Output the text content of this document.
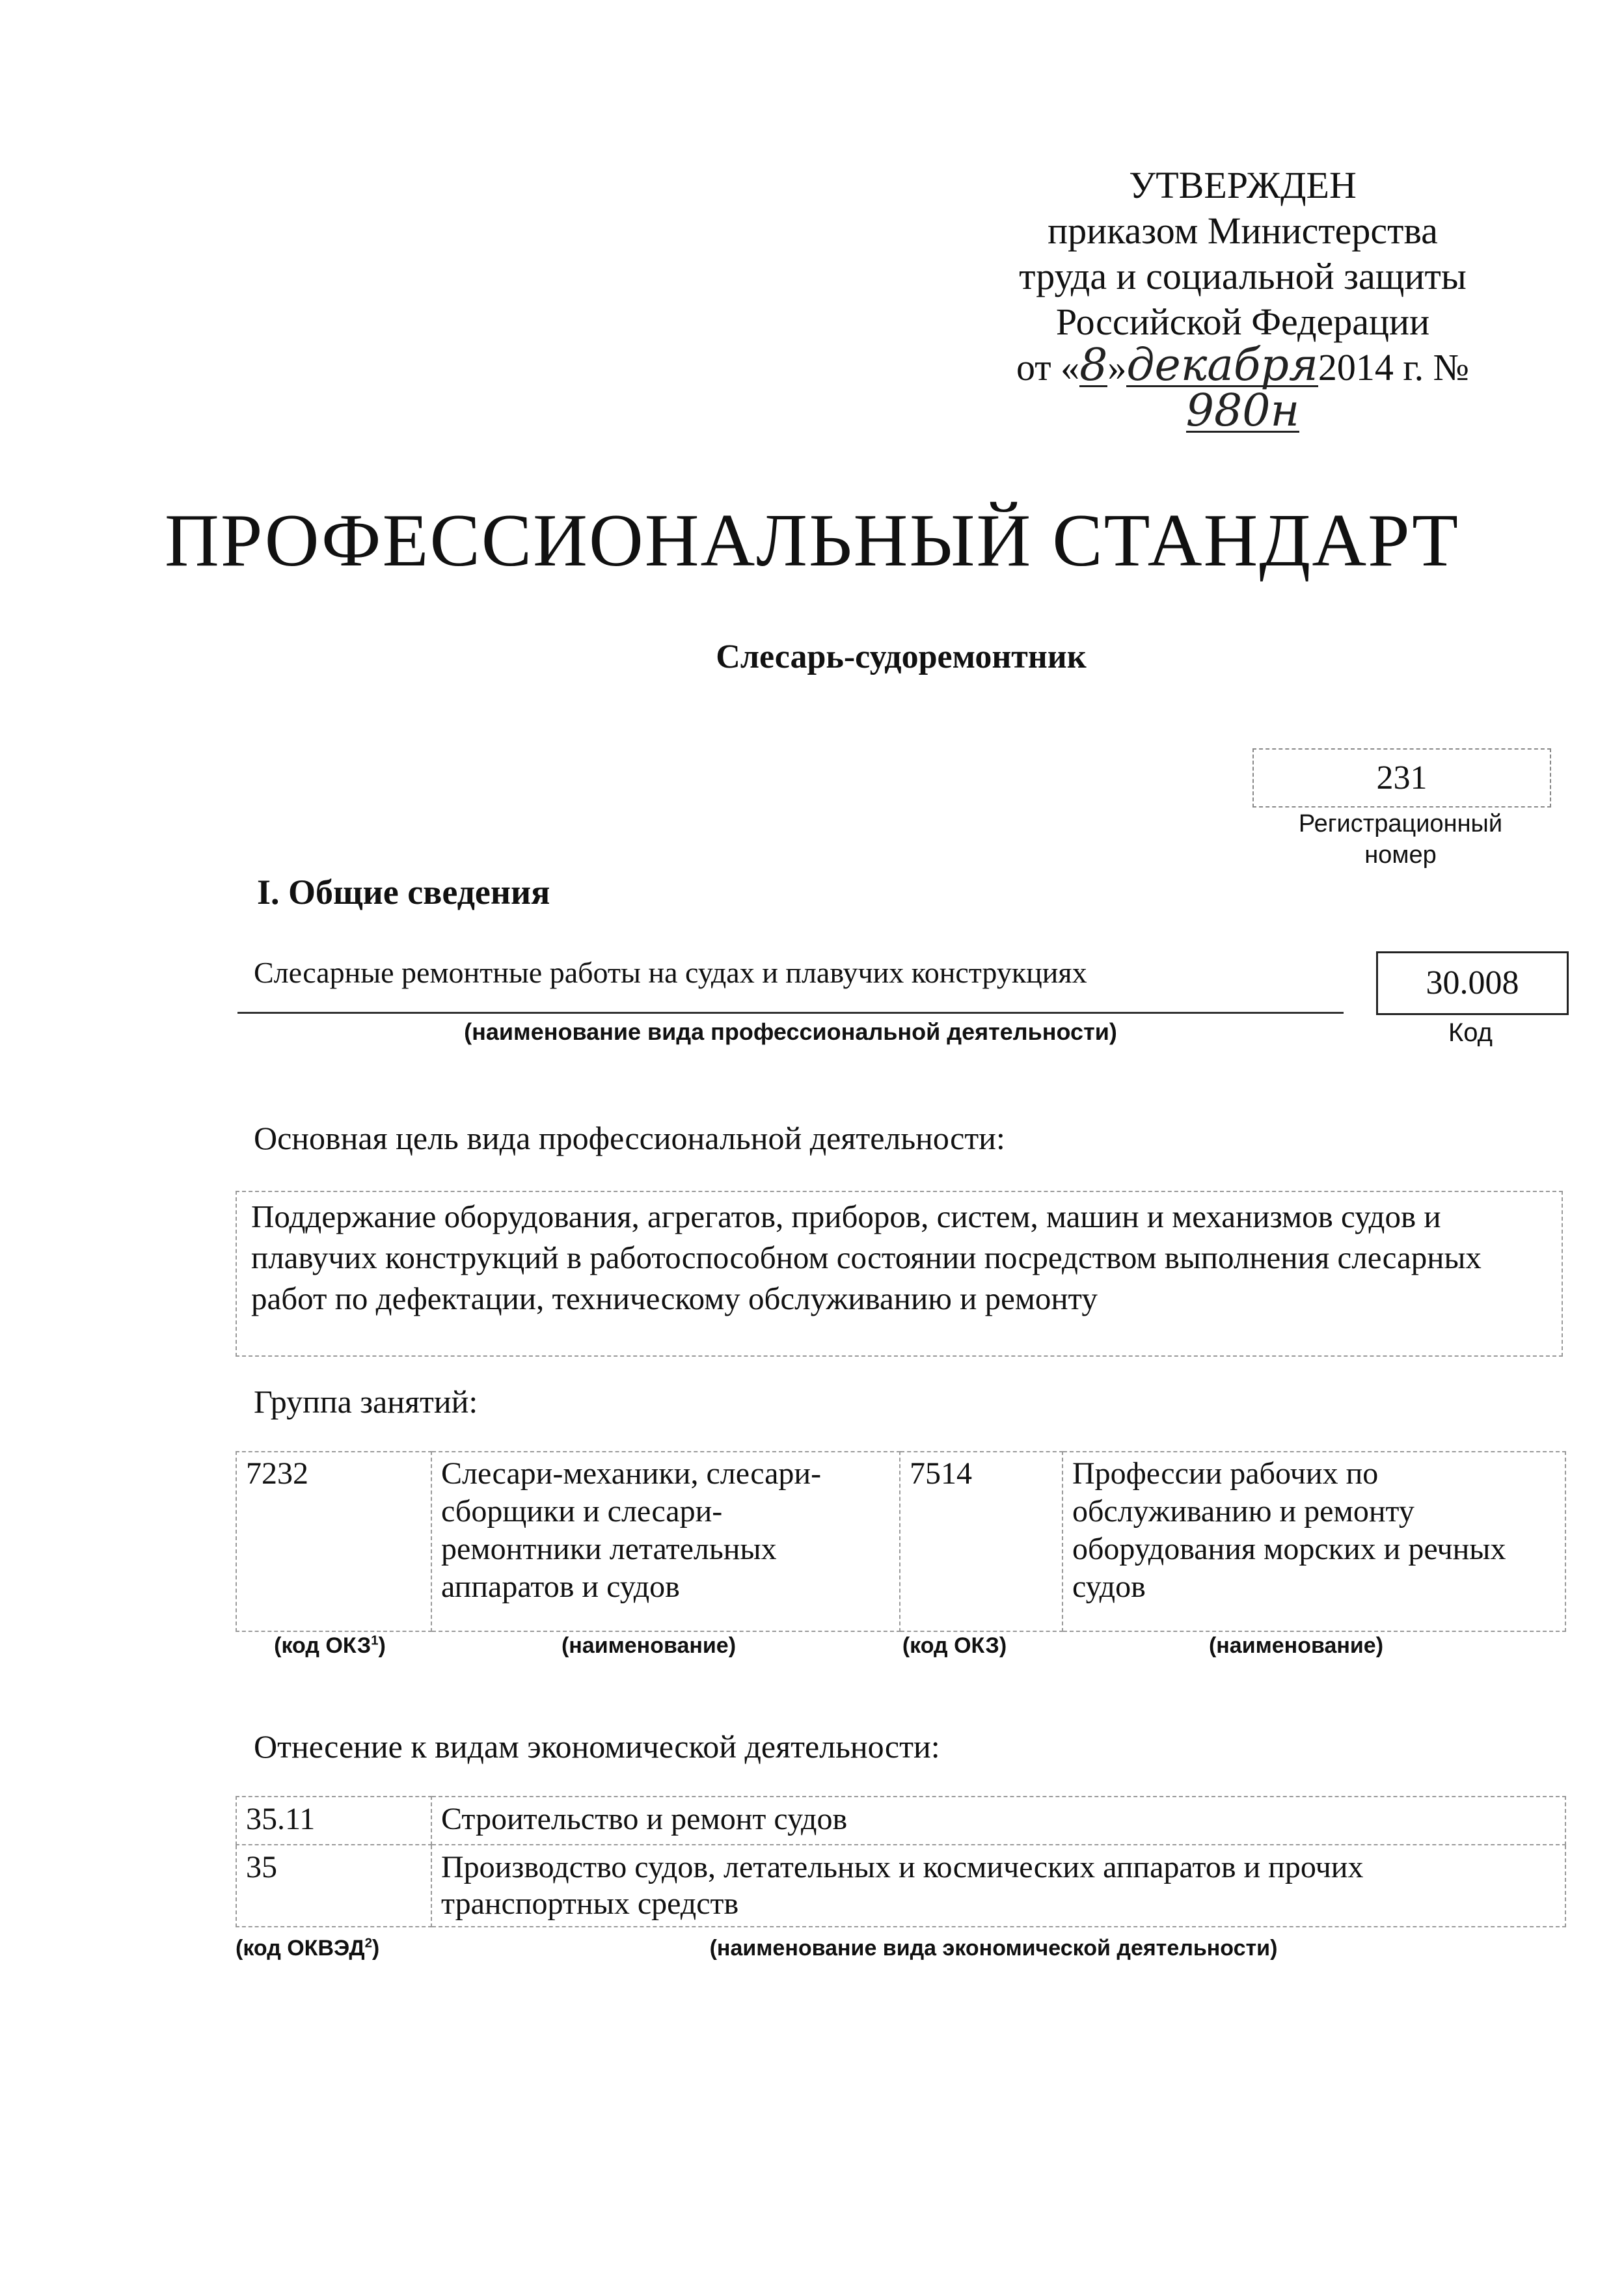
УТВЕРЖДЕН
приказом Министерства
труда и социальной защиты
Российской Федерации
от «8»декабря2014 г. №980н
ПРОФЕССИОНАЛЬНЫЙ СТАНДАРТ
Слесарь-судоремонтник
231
Регистрационный
номер
I. Общие сведения
Слесарные ремонтные работы на судах и плавучих конструкциях
(наименование вида профессиональной деятельности)
30.008
Код
Основная цель вида профессиональной деятельности:
Поддержание оборудования, агрегатов, приборов, систем, машин и механизмов судов и
плавучих конструкций в работоспособном состоянии посредством выполнения слесарных
работ по дефектации, техническому обслуживанию и ремонту
Группа занятий:
7232	Слесари-механики, слесари-
сборщики и слесари-
ремонтники летательных
аппаратов и судов
	7514	Профессии рабочих по
обслуживанию и ремонту
оборудования морских и речных
судов
(код ОКЗ$^1$)	(наименование)	(код ОКЗ)	(наименование)
Отнесение к видам экономической деятельности:
35.11	Строительство и ремонт судов
35	Производство судов, летательных и космических аппаратов и прочих
транспортных средств
(код ОКВЭД$^2$)	(наименование вида экономической деятельности)
